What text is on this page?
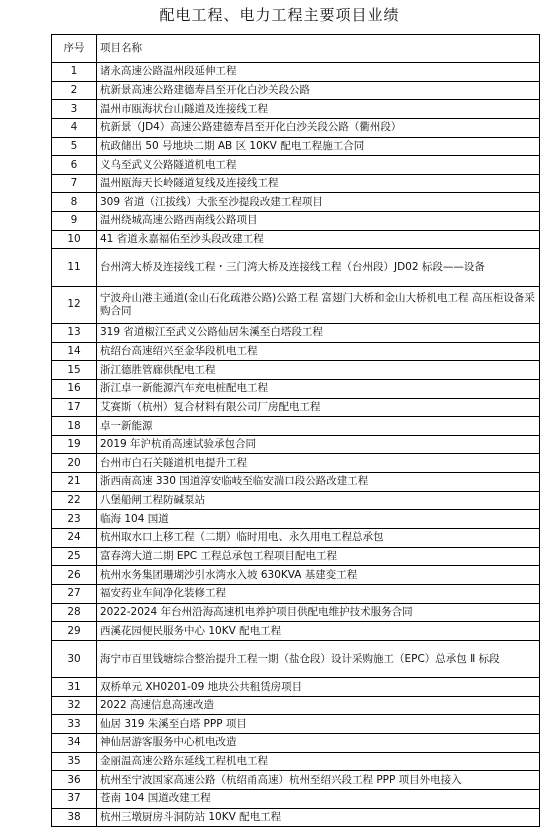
配电工程、电力工程主要项目业绩
序号	项目名称
1	诸永高速公路温州段延伸工程
2	杭新景高速公路建德寿昌至开化白沙关段公路
3	温州市瓯海状台山隧道及连接线工程
4	杭新景（JD4）高速公路建德寿昌至开化白沙关段公路（衢州段）
5	杭政储出 50 号地块二期 AB 区 10KV 配电工程施工合同
6	义乌至武义公路隧道机电工程
7	温州瓯海天长岭隧道复线及连接线工程
8	309 省道（江拔线）大张至沙提段改建工程项目
9	温州绕城高速公路西南线公路项目
10	41 省道永嘉福佑至沙头段改建工程
11	台州湾大桥及连接线工程・三门湾大桥及连接线工程（台州段）JD02 标段——设备
12	宁波舟山港主通道(金山石化疏港公路)公路工程 富翅门大桥和金山大桥机电工程 高压柜设备采购合同
13	319 省道椒江至武义公路仙居朱溪至白塔段工程
14	杭绍台高速绍兴至金华段机电工程
15	浙江德胜管廊供配电工程
16	浙江卓一新能源汽车充电桩配电工程
17	艾赛斯（杭州）复合材料有限公司厂房配电工程
18	卓一新能源
19	2019 年沪杭甬高速试验承包合同
20	台州市白石关隧道机电提升工程
21	浙西南高速 330 国道淳安临岐至临安湍口段公路改建工程
22	八堡船闸工程防碱泵站
23	临海 104 国道
24	杭州取水口上移工程（二期）临时用电、永久用电工程总承包
25	富春湾大道二期 EPC 工程总承包工程项目配电工程
26	杭州水务集团珊瑚沙引水湾水入坡 630KVA 基建变工程
27	福安药业车间净化装修工程
28	2022-2024 年台州沿海高速机电养护项目供配电维护技术服务合同
29	西溪花园便民服务中心 10KV 配电工程
30	海宁市百里钱塘综合整治提升工程一期（盐仓段）设计采购施工（EPC）总承包 Ⅱ 标段
31	双桥单元 XH0201-09 地块公共租赁房项目
32	2022 高速信息高速改造
33	仙居 319 朱溪至白塔 PPP 项目
34	神仙居游客服务中心机电改造
35	金丽温高速公路东延线工程机电工程
36	杭州至宁波国家高速公路（杭绍甬高速）杭州至绍兴段工程 PPP 项目外电接入
37	苍南 104 国道改建工程
38	杭州三墩厨房斗洞防站 10KV 配电工程
